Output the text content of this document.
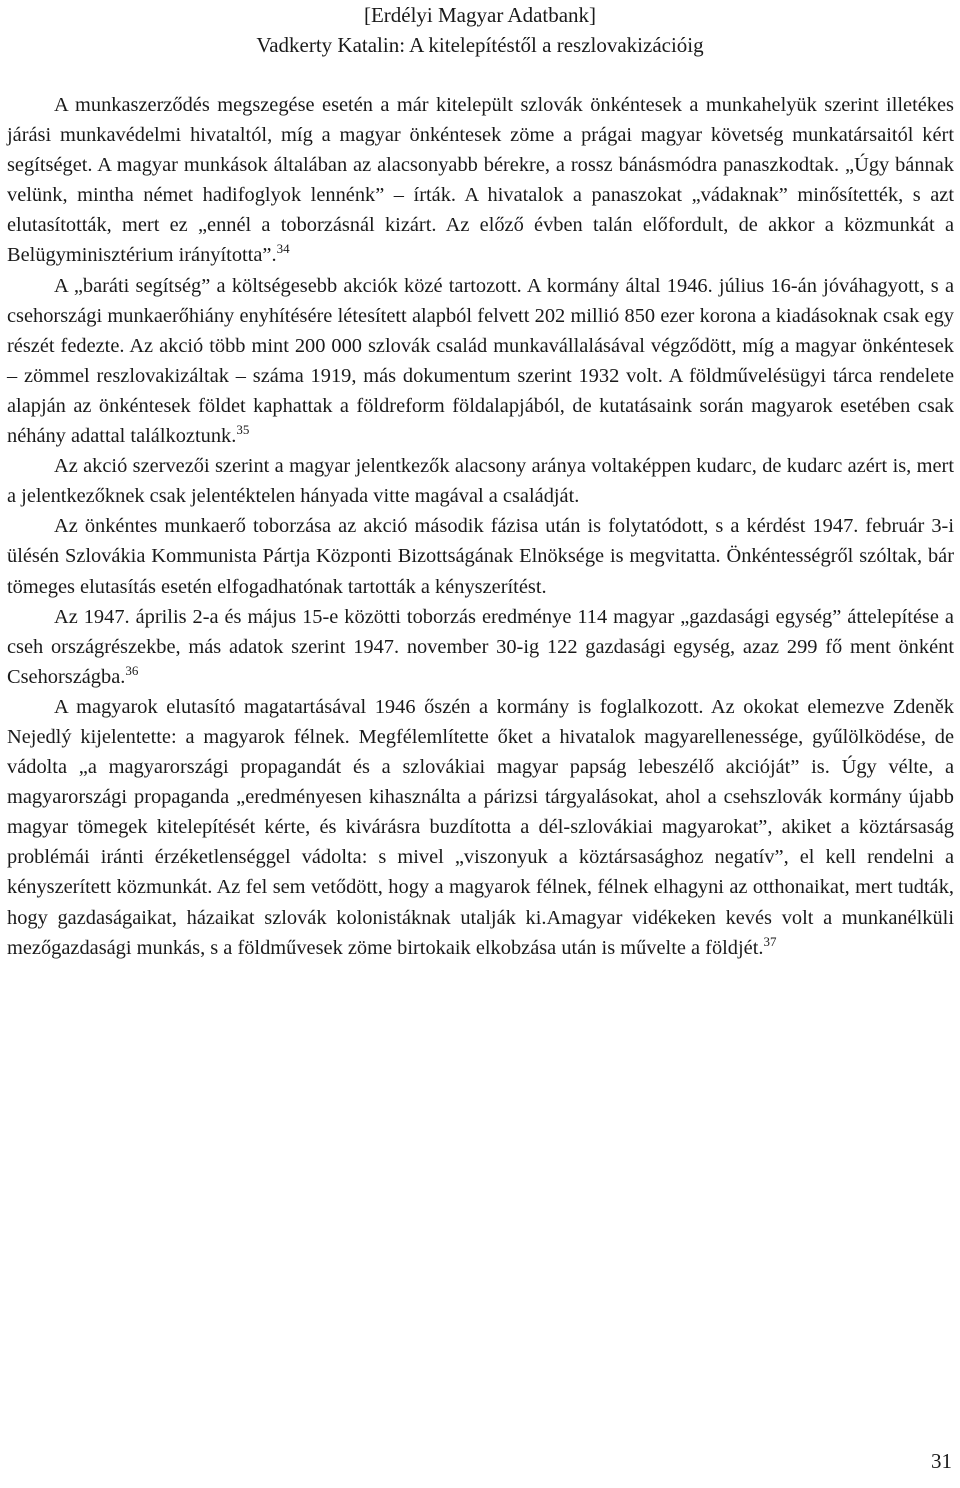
[Erdélyi Magyar Adatbank]
Vadkerty Katalin: A kitelepítéstől a reszlovakizációig

A munkaszerződés megszegése esetén a már kitelepült szlovák önkéntesek a munkahelyük szerint illetékes járási munkavédelmi hivataltól, míg a magyar önkéntesek zöme a prágai magyar követség munkatársaitól kért segítséget. A magyar munkások általában az alacsonyabb bérekre, a rossz bánásmódra panaszkodtak. „Úgy bánnak velünk, mintha német hadifoglyok lennénk” – írták. A hivatalok a panaszokat „vádaknak” minősítették, s azt elutasították, mert ez „ennél a toborzásnál kizárt. Az előző évben talán előfordult, de akkor a közmunkát a Belügyminisztérium irányította”.$^{34}$

A „baráti segítség” a költségesebb akciók közé tartozott. A kormány által 1946. július 16-án jóváhagyott, s a csehországi munkaerőhiány enyhítésére létesített alapból felvett 202 millió 850 ezer korona a kiadásoknak csak egy részét fedezte. Az akció több mint 200 000 szlovák család munkavállalásával végződött, míg a magyar önkéntesek – zömmel reszlovakizáltak – száma 1919, más dokumentum szerint 1932 volt. A földművelésügyi tárca rendelete alapján az önkéntesek földet kaphattak a földreform földalapjából, de kutatásaink során magyarok esetében csak néhány adattal találkoztunk.$^{35}$

Az akció szervezői szerint a magyar jelentkezők alacsony aránya voltaképpen kudarc, de kudarc azért is, mert a jelentkezőknek csak jelentéktelen hányada vitte magával a családját.

Az önkéntes munkaerő toborzása az akció második fázisa után is folytatódott, s a kérdést 1947. február 3-i ülésén Szlovákia Kommunista Pártja Központi Bizottságának Elnöksége is megvitatta. Önkéntességről szóltak, bár tömeges elutasítás esetén elfogadhatónak tartották a kényszerítést.

Az 1947. április 2-a és május 15-e közötti toborzás eredménye 114 magyar „gazdasági egység” áttelepítése a cseh országrészekbe, más adatok szerint 1947. november 30-ig 122 gazdasági egység, azaz 299 fő ment önként Csehországba.$^{36}$

A magyarok elutasító magatartásával 1946 őszén a kormány is foglalkozott. Az okokat elemezve Zdeněk Nejedlý kijelentette: a magyarok félnek. Megfélemlítette őket a hivatalok magyarellenessége, gyűlölködése, de vádolta „a magyarországi propagandát és a szlovákiai magyar papság lebeszélő akcióját” is. Úgy vélte, a magyarországi propaganda „eredményesen kihasználta a párizsi tárgyalásokat, ahol a csehszlovák kormány újabb magyar tömegek kitelepítését kérte, és kivárásra buzdította a dél-szlovákiai magyarokat”, akiket a köztársaság problémái iránti érzéketlenséggel vádolta: s mivel „viszonyuk a köztársasághoz negatív”, el kell rendelni a kényszerített közmunkát. Az fel sem vetődött, hogy a magyarok félnek, félnek elhagyni az otthonaikat, mert tudták, hogy gazdaságaikat, házaikat szlovák kolonistáknak utalják ki.Amagyar vidékeken kevés volt a munkanélküli mezőgazdasági munkás, s a földművesek zöme birtokaik elkobzása után is művelte a földjét.$^{37}$

31
